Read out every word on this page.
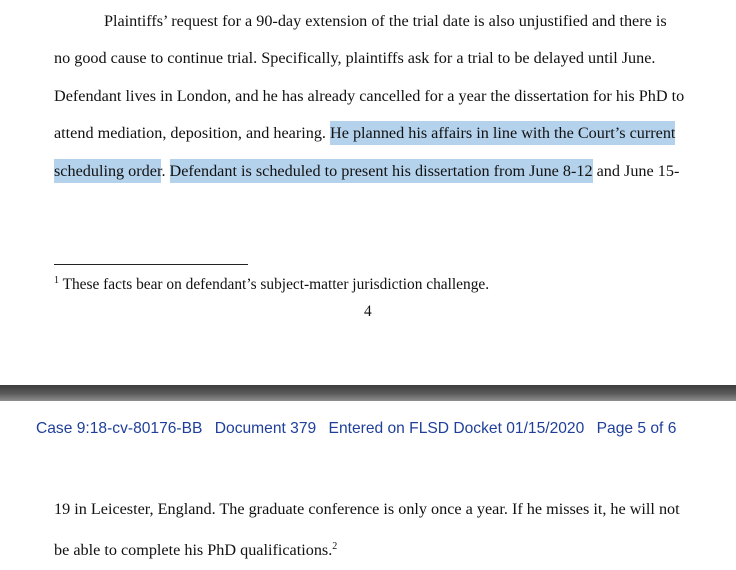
Plaintiffs’ request for a 90-day extension of the trial date is also unjustified and there is
no good cause to continue trial. Specifically, plaintiffs ask for a trial to be delayed until June.
Defendant lives in London, and he has already cancelled for a year the dissertation for his PhD to
attend mediation, deposition, and hearing. He planned his affairs in line with the Court’s current
scheduling order. Defendant is scheduled to present his dissertation from June 8-12 and June 15-
$^1$ These facts bear on defendant’s subject-matter jurisdiction challenge.
4
Case 9:18-cv-80176-BB Document 379 Entered on FLSD Docket 01/15/2020 Page 5 of 6
19 in Leicester, England. The graduate conference is only once a year. If he misses it, he will not
be able to complete his PhD qualifications.$^2$
